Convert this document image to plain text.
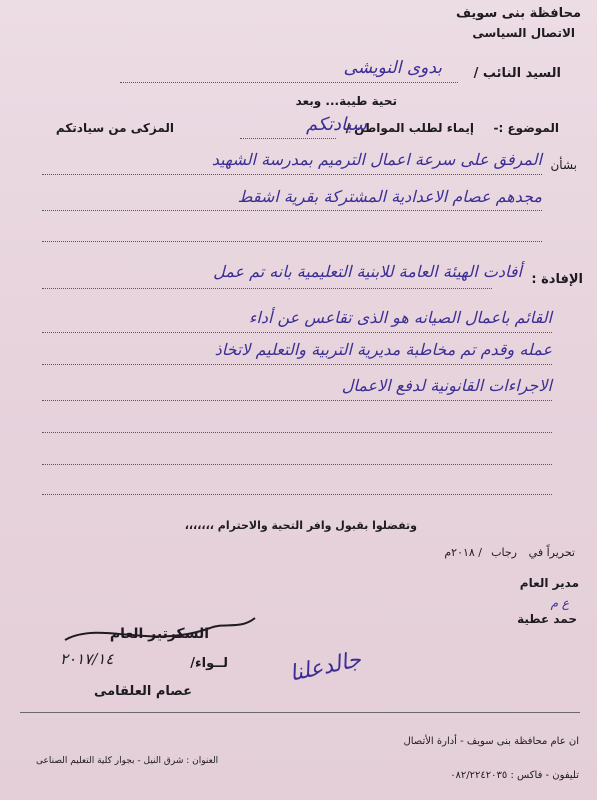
محافظة بنى سويف
الاتصال السياسى
السيد النائب /
بدوى النويشى
تحية طيبة... وبعد
الموضوع :-
إيماء لطلب المواطن /
سيادتكم
المزكى من سيادتكم
بشأن
المرفق على سرعة اعمال الترميم بمدرسة الشهيد
مجدهم عصام الاعدادية المشتركة بقرية اشقط
الإفادة :
أفادت الهيئة العامة للابنية التعليمية بانه تم عمل
القائم باعمال الصيانه هو الذى تقاعس عن أداء
عمله وقدم تم مخاطبة مديرية التربية والتعليم لاتخاذ
الاجراءات القانونية لدفع الاعمال
وتفضلوا بقبول وافر التحية والاحترام ،،،،،،،
تحريراً في
رجاب
/ ٢٠١٨م
مدير العام
ع م
حمد عطية
السكرتير العام
لــواء/
٢٠١٧/١٤
عصام العلقامى
جالدعلنا
العنوان : شرق النيل - بجوار كلية التعليم الصناعى
ان عام محافظة بنى سويف - أدارة الأتصال
تليفون - فاكس : ٠٨٢/٢٢٤٢٠٣٥
